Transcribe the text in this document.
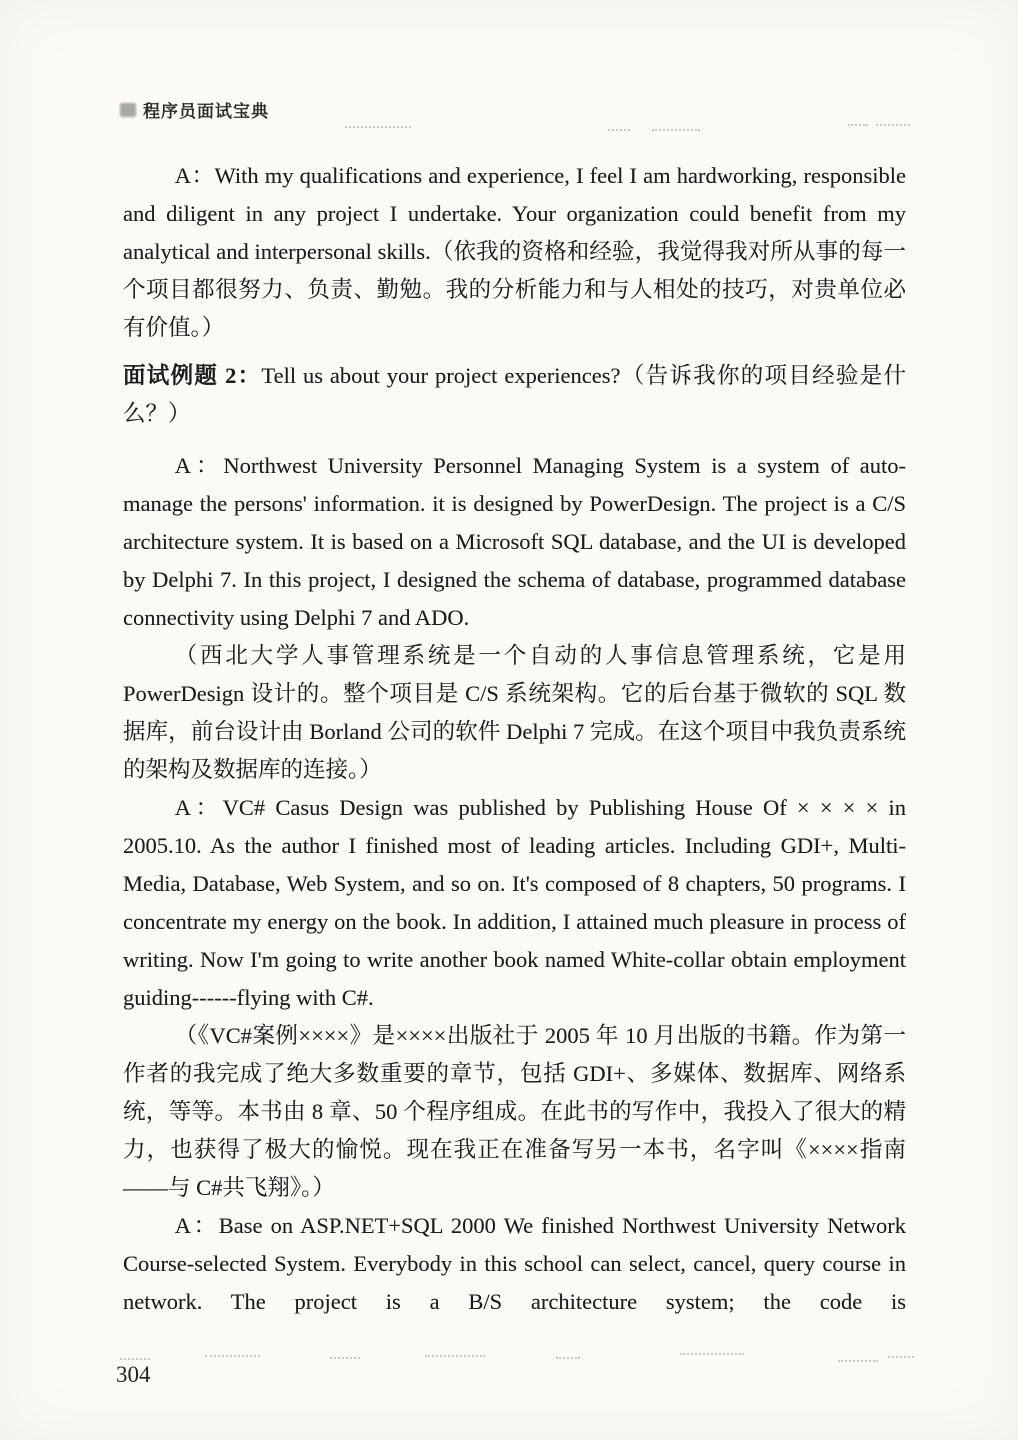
程序员面试宝典

A：With my qualifications and experience, I feel I am hardworking, responsible and diligent in any project I undertake. Your organization could benefit from my analytical and interpersonal skills.（依我的资格和经验，我觉得我对所从事的每一个项目都很努力、负责、勤勉。我的分析能力和与人相处的技巧，对贵单位必有价值。）

面试例题 2：Tell us about your project experiences?（告诉我你的项目经验是什么？）

A：Northwest University Personnel Managing System is a system of auto-manage the persons' information. it is designed by PowerDesign. The project is a C/S architecture system. It is based on a Microsoft SQL database, and the UI is developed by Delphi 7. In this project, I designed the schema of database, programmed database connectivity using Delphi 7 and ADO.

（西北大学人事管理系统是一个自动的人事信息管理系统，它是用 PowerDesign 设计的。整个项目是 C/S 系统架构。它的后台基于微软的 SQL 数据库，前台设计由 Borland 公司的软件 Delphi 7 完成。在这个项目中我负责系统的架构及数据库的连接。）

A：VC# Casus Design was published by Publishing House Of × × × × in 2005.10. As the author I finished most of leading articles. Including GDI+, Multi-Media, Database, Web System, and so on. It's composed of 8 chapters, 50 programs. I concentrate my energy on the book. In addition, I attained much pleasure in process of writing. Now I'm going to write another book named White-collar obtain employment guiding------flying with C#.

（《VC#案例××××》是××××出版社于 2005 年 10 月出版的书籍。作为第一作者的我完成了绝大多数重要的章节，包括 GDI+、多媒体、数据库、网络系统，等等。本书由 8 章、50 个程序组成。在此书的写作中，我投入了很大的精力，也获得了极大的愉悦。现在我正在准备写另一本书，名字叫《××××指南——与 C#共飞翔》。）

A：Base on ASP.NET+SQL 2000 We finished Northwest University Network Course-selected System. Everybody in this school can select, cancel, query course in network. The project is a B/S architecture system; the code is

304
